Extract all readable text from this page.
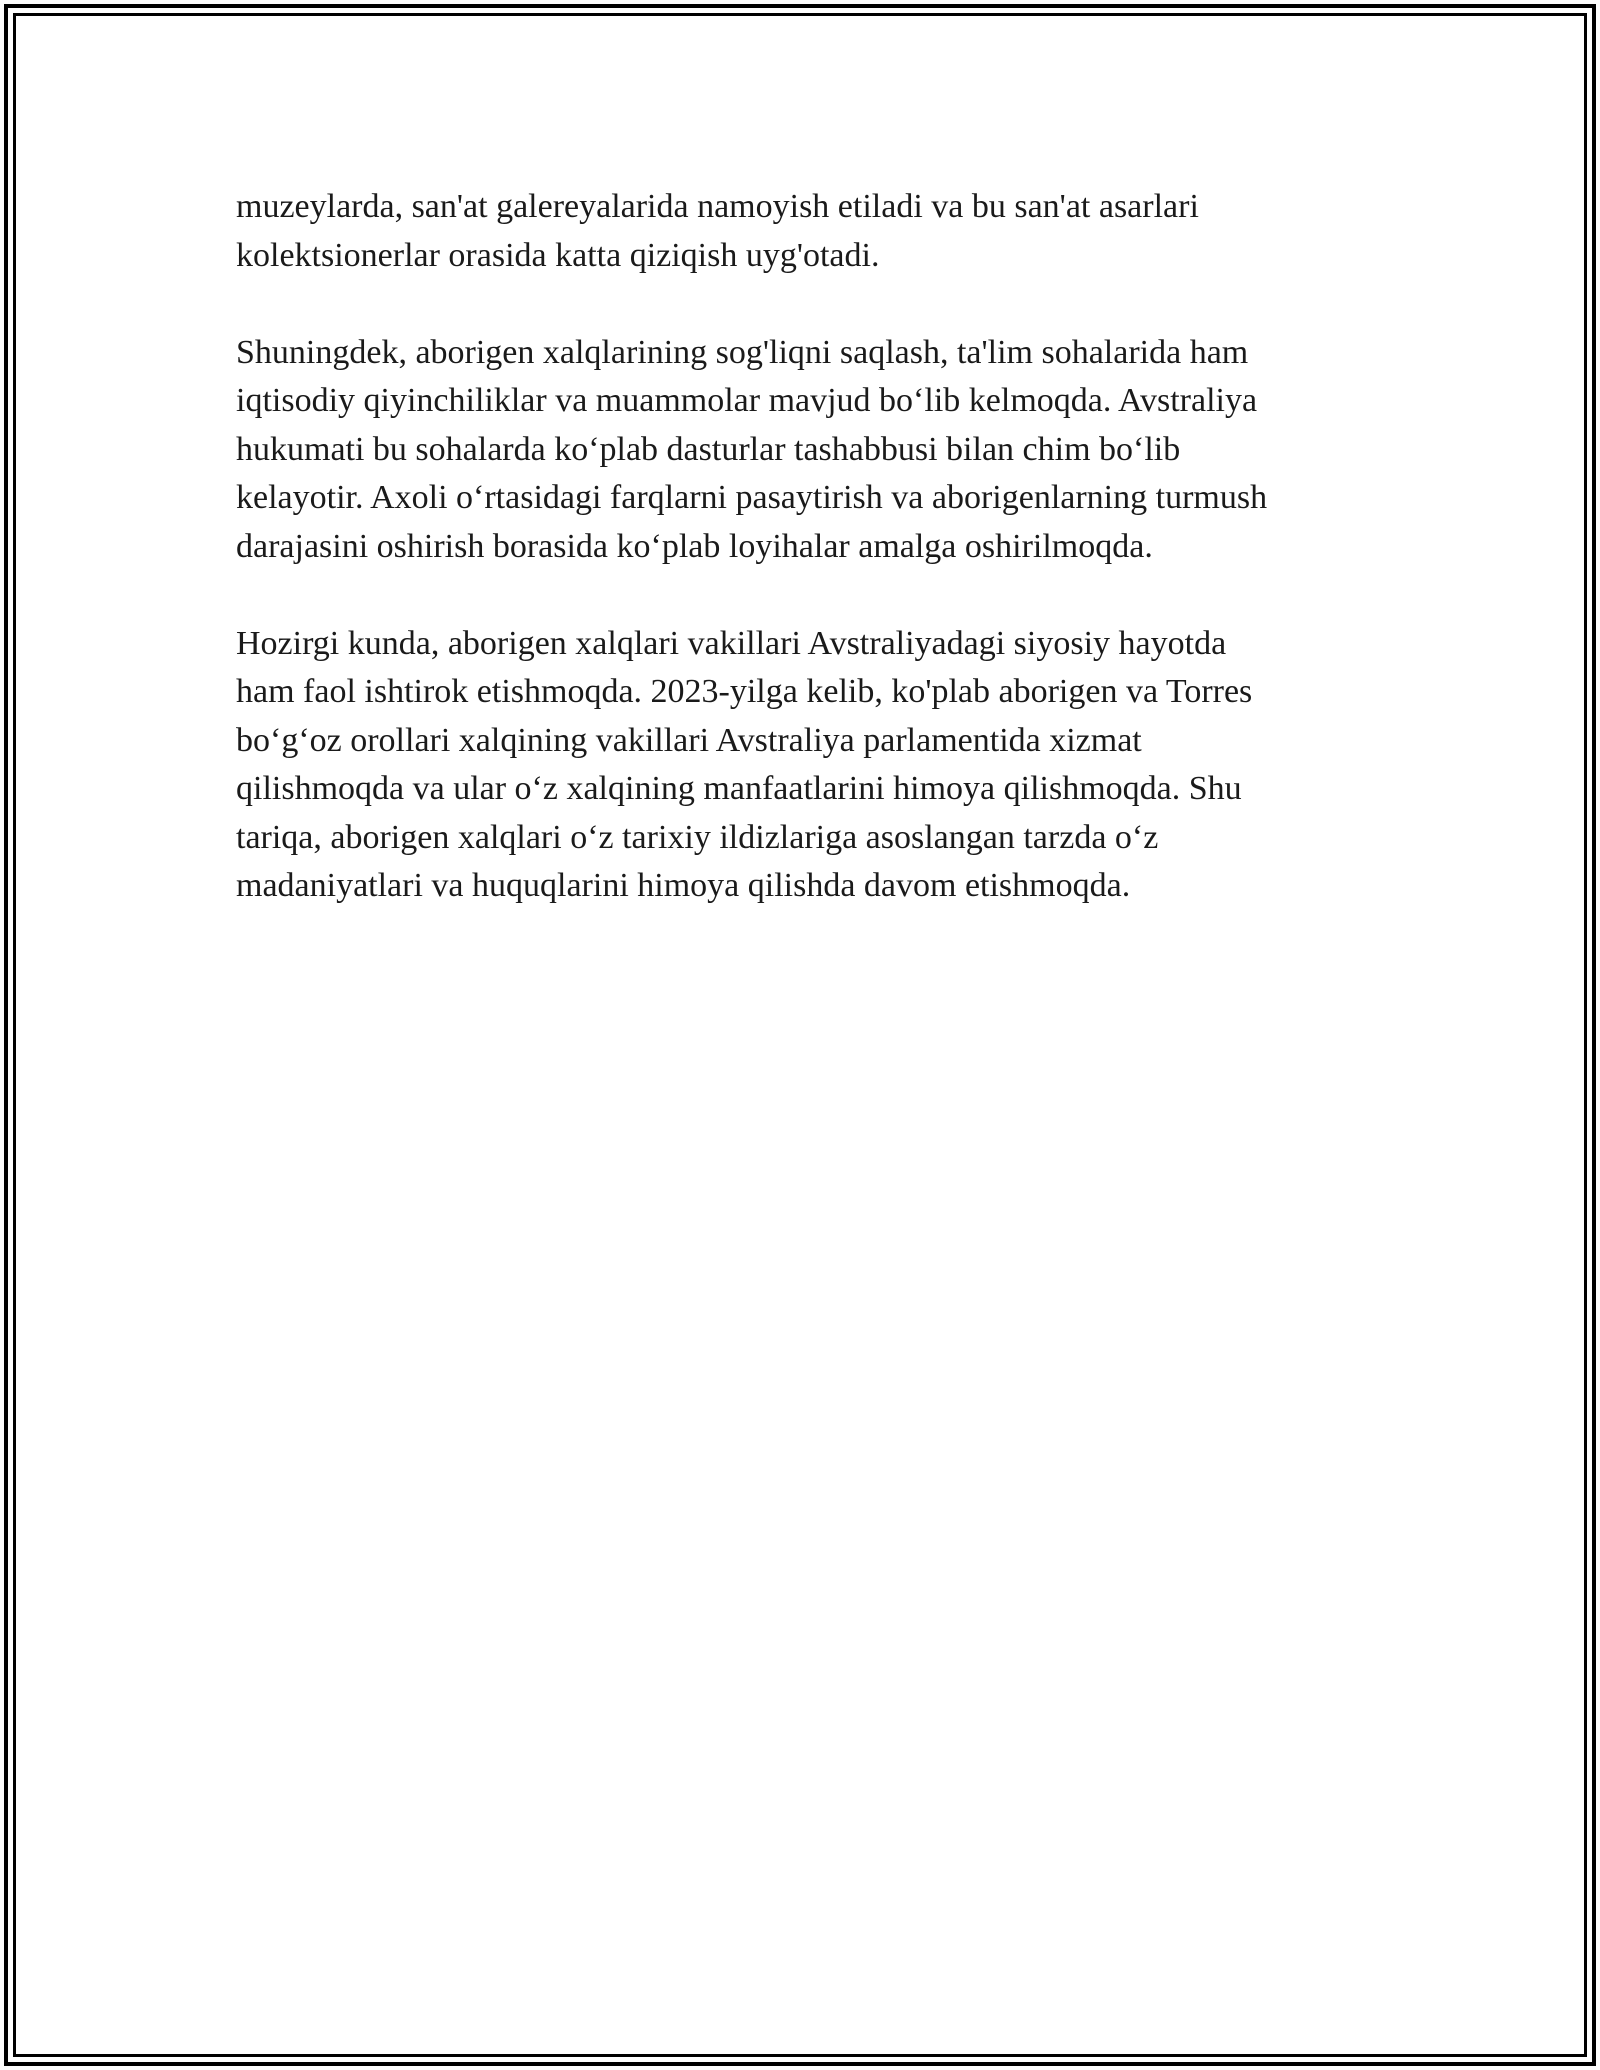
muzeylarda, san'at galereyalarida namoyish etiladi va bu san'at asarlari
kolektsionerlar orasida katta qiziqish uyg'otadi.

Shuningdek, aborigen xalqlarining sog'liqni saqlash, ta'lim sohalarida ham
iqtisodiy qiyinchiliklar va muammolar mavjud bo‘lib kelmoqda. Avstraliya
hukumati bu sohalarda ko‘plab dasturlar tashabbusi bilan chim bo‘lib
kelayotir. Axoli o‘rtasidagi farqlarni pasaytirish va aborigenlarning turmush
darajasini oshirish borasida ko‘plab loyihalar amalga oshirilmoqda.

Hozirgi kunda, aborigen xalqlari vakillari Avstraliyadagi siyosiy hayotda
ham faol ishtirok etishmoqda. 2023-yilga kelib, ko'plab aborigen va Torres
bo‘g‘oz orollari xalqining vakillari Avstraliya parlamentida xizmat
qilishmoqda va ular o‘z xalqining manfaatlarini himoya qilishmoqda. Shu
tariqa, aborigen xalqlari o‘z tarixiy ildizlariga asoslangan tarzda o‘z
madaniyatlari va huquqlarini himoya qilishda davom etishmoqda.
